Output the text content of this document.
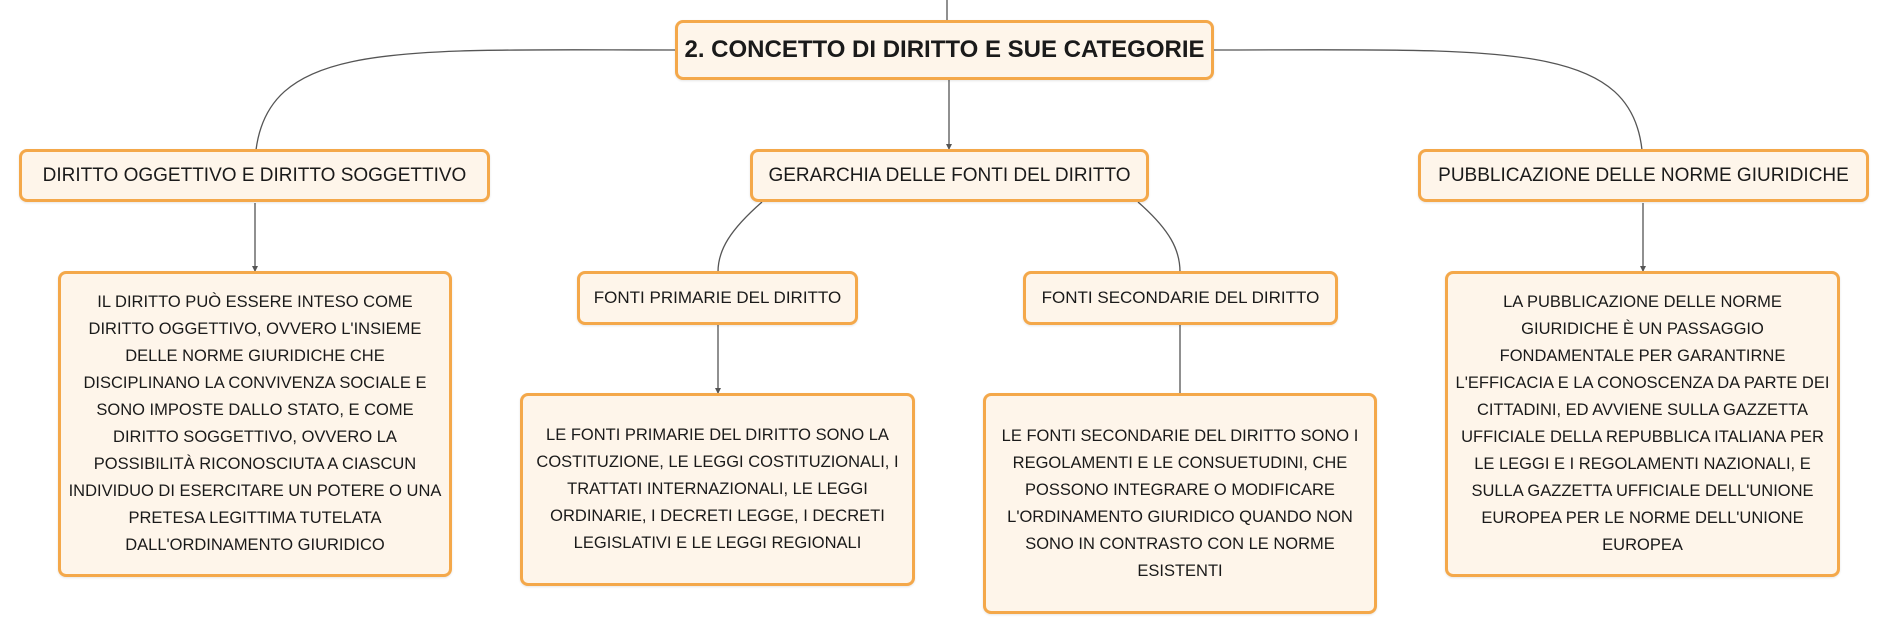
2. CONCETTO DI DIRITTO E SUE CATEGORIE
DIRITTO OGGETTIVO E DIRITTO SOGGETTIVO	GERARCHIA DELLE FONTI DEL DIRITTO	PUBBLICAZIONE DELLE NORME GIURIDICHE
FONTI PRIMARIE DEL DIRITTO	FONTI SECONDARIE DEL DIRITTO
IL DIRITTO PUÒ ESSERE INTESO COME
DIRITTO OGGETTIVO, OVVERO L'INSIEME
DELLE NORME GIURIDICHE CHE
DISCIPLINANO LA CONVIVENZA SOCIALE E
SONO IMPOSTE DALLO STATO, E COME
DIRITTO SOGGETTIVO, OVVERO LA
POSSIBILITÀ RICONOSCIUTA A CIASCUN
INDIVIDUO DI ESERCITARE UN POTERE O UNA
PRETESA LEGITTIMA TUTELATA
DALL'ORDINAMENTO GIURIDICO
LE FONTI PRIMARIE DEL DIRITTO SONO LA
COSTITUZIONE, LE LEGGI COSTITUZIONALI, I
TRATTATI INTERNAZIONALI, LE LEGGI
ORDINARIE, I DECRETI LEGGE, I DECRETI
LEGISLATIVI E LE LEGGI REGIONALI
LE FONTI SECONDARIE DEL DIRITTO SONO I
REGOLAMENTI E LE CONSUETUDINI, CHE
POSSONO INTEGRARE O MODIFICARE
L'ORDINAMENTO GIURIDICO QUANDO NON
SONO IN CONTRASTO CON LE NORME
ESISTENTI
LA PUBBLICAZIONE DELLE NORME
GIURIDICHE È UN PASSAGGIO
FONDAMENTALE PER GARANTIRNE
L'EFFICACIA E LA CONOSCENZA DA PARTE DEI
CITTADINI, ED AVVIENE SULLA GAZZETTA
UFFICIALE DELLA REPUBBLICA ITALIANA PER
LE LEGGI E I REGOLAMENTI NAZIONALI, E
SULLA GAZZETTA UFFICIALE DELL'UNIONE
EUROPEA PER LE NORME DELL'UNIONE
EUROPEA
